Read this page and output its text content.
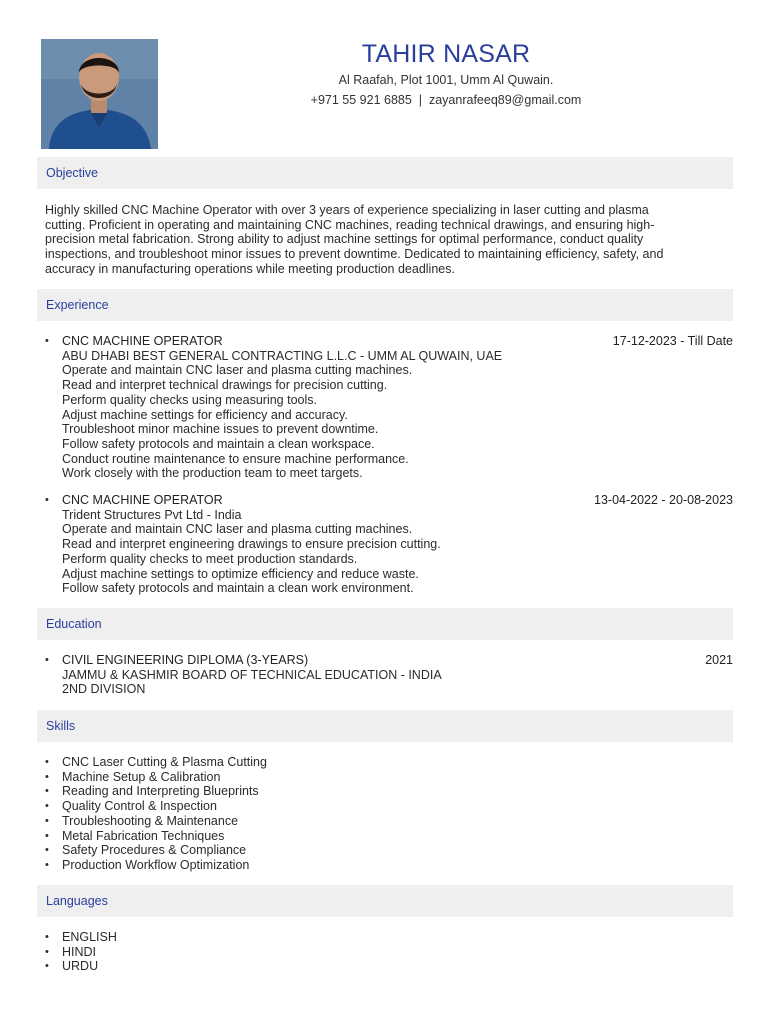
TAHIR NASAR
Al Raafah, Plot 1001, Umm Al Quwain.
+971 55 921 6885 | zayanrafeeq89@gmail.com
Objective
Highly skilled CNC Machine Operator with over 3 years of experience specializing in laser cutting and plasma
cutting. Proficient in operating and maintaining CNC machines, reading technical drawings, and ensuring high-
precision metal fabrication. Strong ability to adjust machine settings for optimal performance, conduct quality
inspections, and troubleshoot minor issues to prevent downtime. Dedicated to maintaining efficiency, safety, and
accuracy in manufacturing operations while meeting production deadlines.
Experience
• CNC MACHINE OPERATOR	17-12-2023 - Till Date
ABU DHABI BEST GENERAL CONTRACTING L.L.C - UMM AL QUWAIN, UAE
Operate and maintain CNC laser and plasma cutting machines.
Read and interpret technical drawings for precision cutting.
Perform quality checks using measuring tools.
Adjust machine settings for efficiency and accuracy.
Troubleshoot minor machine issues to prevent downtime.
Follow safety protocols and maintain a clean workspace.
Conduct routine maintenance to ensure machine performance.
Work closely with the production team to meet targets.
• CNC MACHINE OPERATOR	13-04-2022 - 20-08-2023
Trident Structures Pvt Ltd - India
Operate and maintain CNC laser and plasma cutting machines.
Read and interpret engineering drawings to ensure precision cutting.
Perform quality checks to meet production standards.
Adjust machine settings to optimize efficiency and reduce waste.
Follow safety protocols and maintain a clean work environment.
Education
• CIVIL ENGINEERING DIPLOMA (3-YEARS)	2021
JAMMU & KASHMIR BOARD OF TECHNICAL EDUCATION - INDIA
2ND DIVISION
Skills
• CNC Laser Cutting & Plasma Cutting
• Machine Setup & Calibration
• Reading and Interpreting Blueprints
• Quality Control & Inspection
• Troubleshooting & Maintenance
• Metal Fabrication Techniques
• Safety Procedures & Compliance
• Production Workflow Optimization
Languages
• ENGLISH
• HINDI
• URDU
